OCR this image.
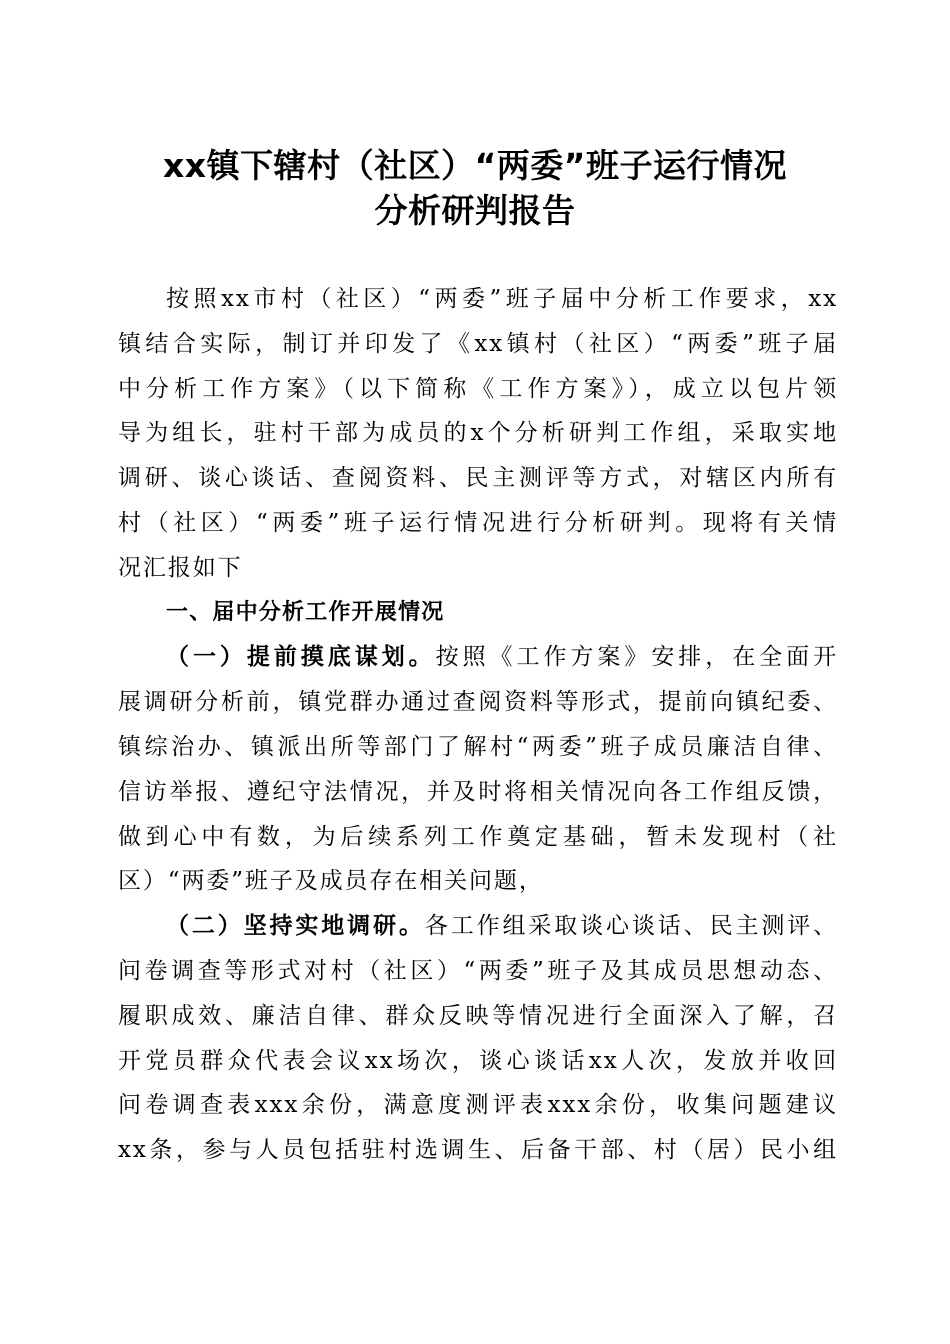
xx镇下辖村（社区）“两委”班子运行情况
分析研判报告
按照xx市村（社区）“两委”班子届中分析工作要求，xx
镇结合实际，制订并印发了《xx镇村（社区）“两委”班子届
中分析工作方案》（以下简称《工作方案》），成立以包片领
导为组长，驻村干部为成员的x个分析研判工作组，采取实地
调研、谈心谈话、查阅资料、民主测评等方式，对辖区内所有
村（社区）“两委”班子运行情况进行分析研判。现将有关情
况汇报如下
一、届中分析工作开展情况
（一）提前摸底谋划。按照《工作方案》安排，在全面开
展调研分析前，镇党群办通过查阅资料等形式，提前向镇纪委、
镇综治办、镇派出所等部门了解村“两委”班子成员廉洁自律、
信访举报、遵纪守法情况，并及时将相关情况向各工作组反馈，
做到心中有数，为后续系列工作奠定基础，暂未发现村（社
区）“两委”班子及成员存在相关问题，
（二）坚持实地调研。各工作组采取谈心谈话、民主测评、
问卷调查等形式对村（社区）“两委”班子及其成员思想动态、
履职成效、廉洁自律、群众反映等情况进行全面深入了解，召
开党员群众代表会议xx场次，谈心谈话xx人次，发放并收回
问卷调查表xxx余份，满意度测评表xxx余份，收集问题建议
xx条，参与人员包括驻村选调生、后备干部、村（居）民小组
